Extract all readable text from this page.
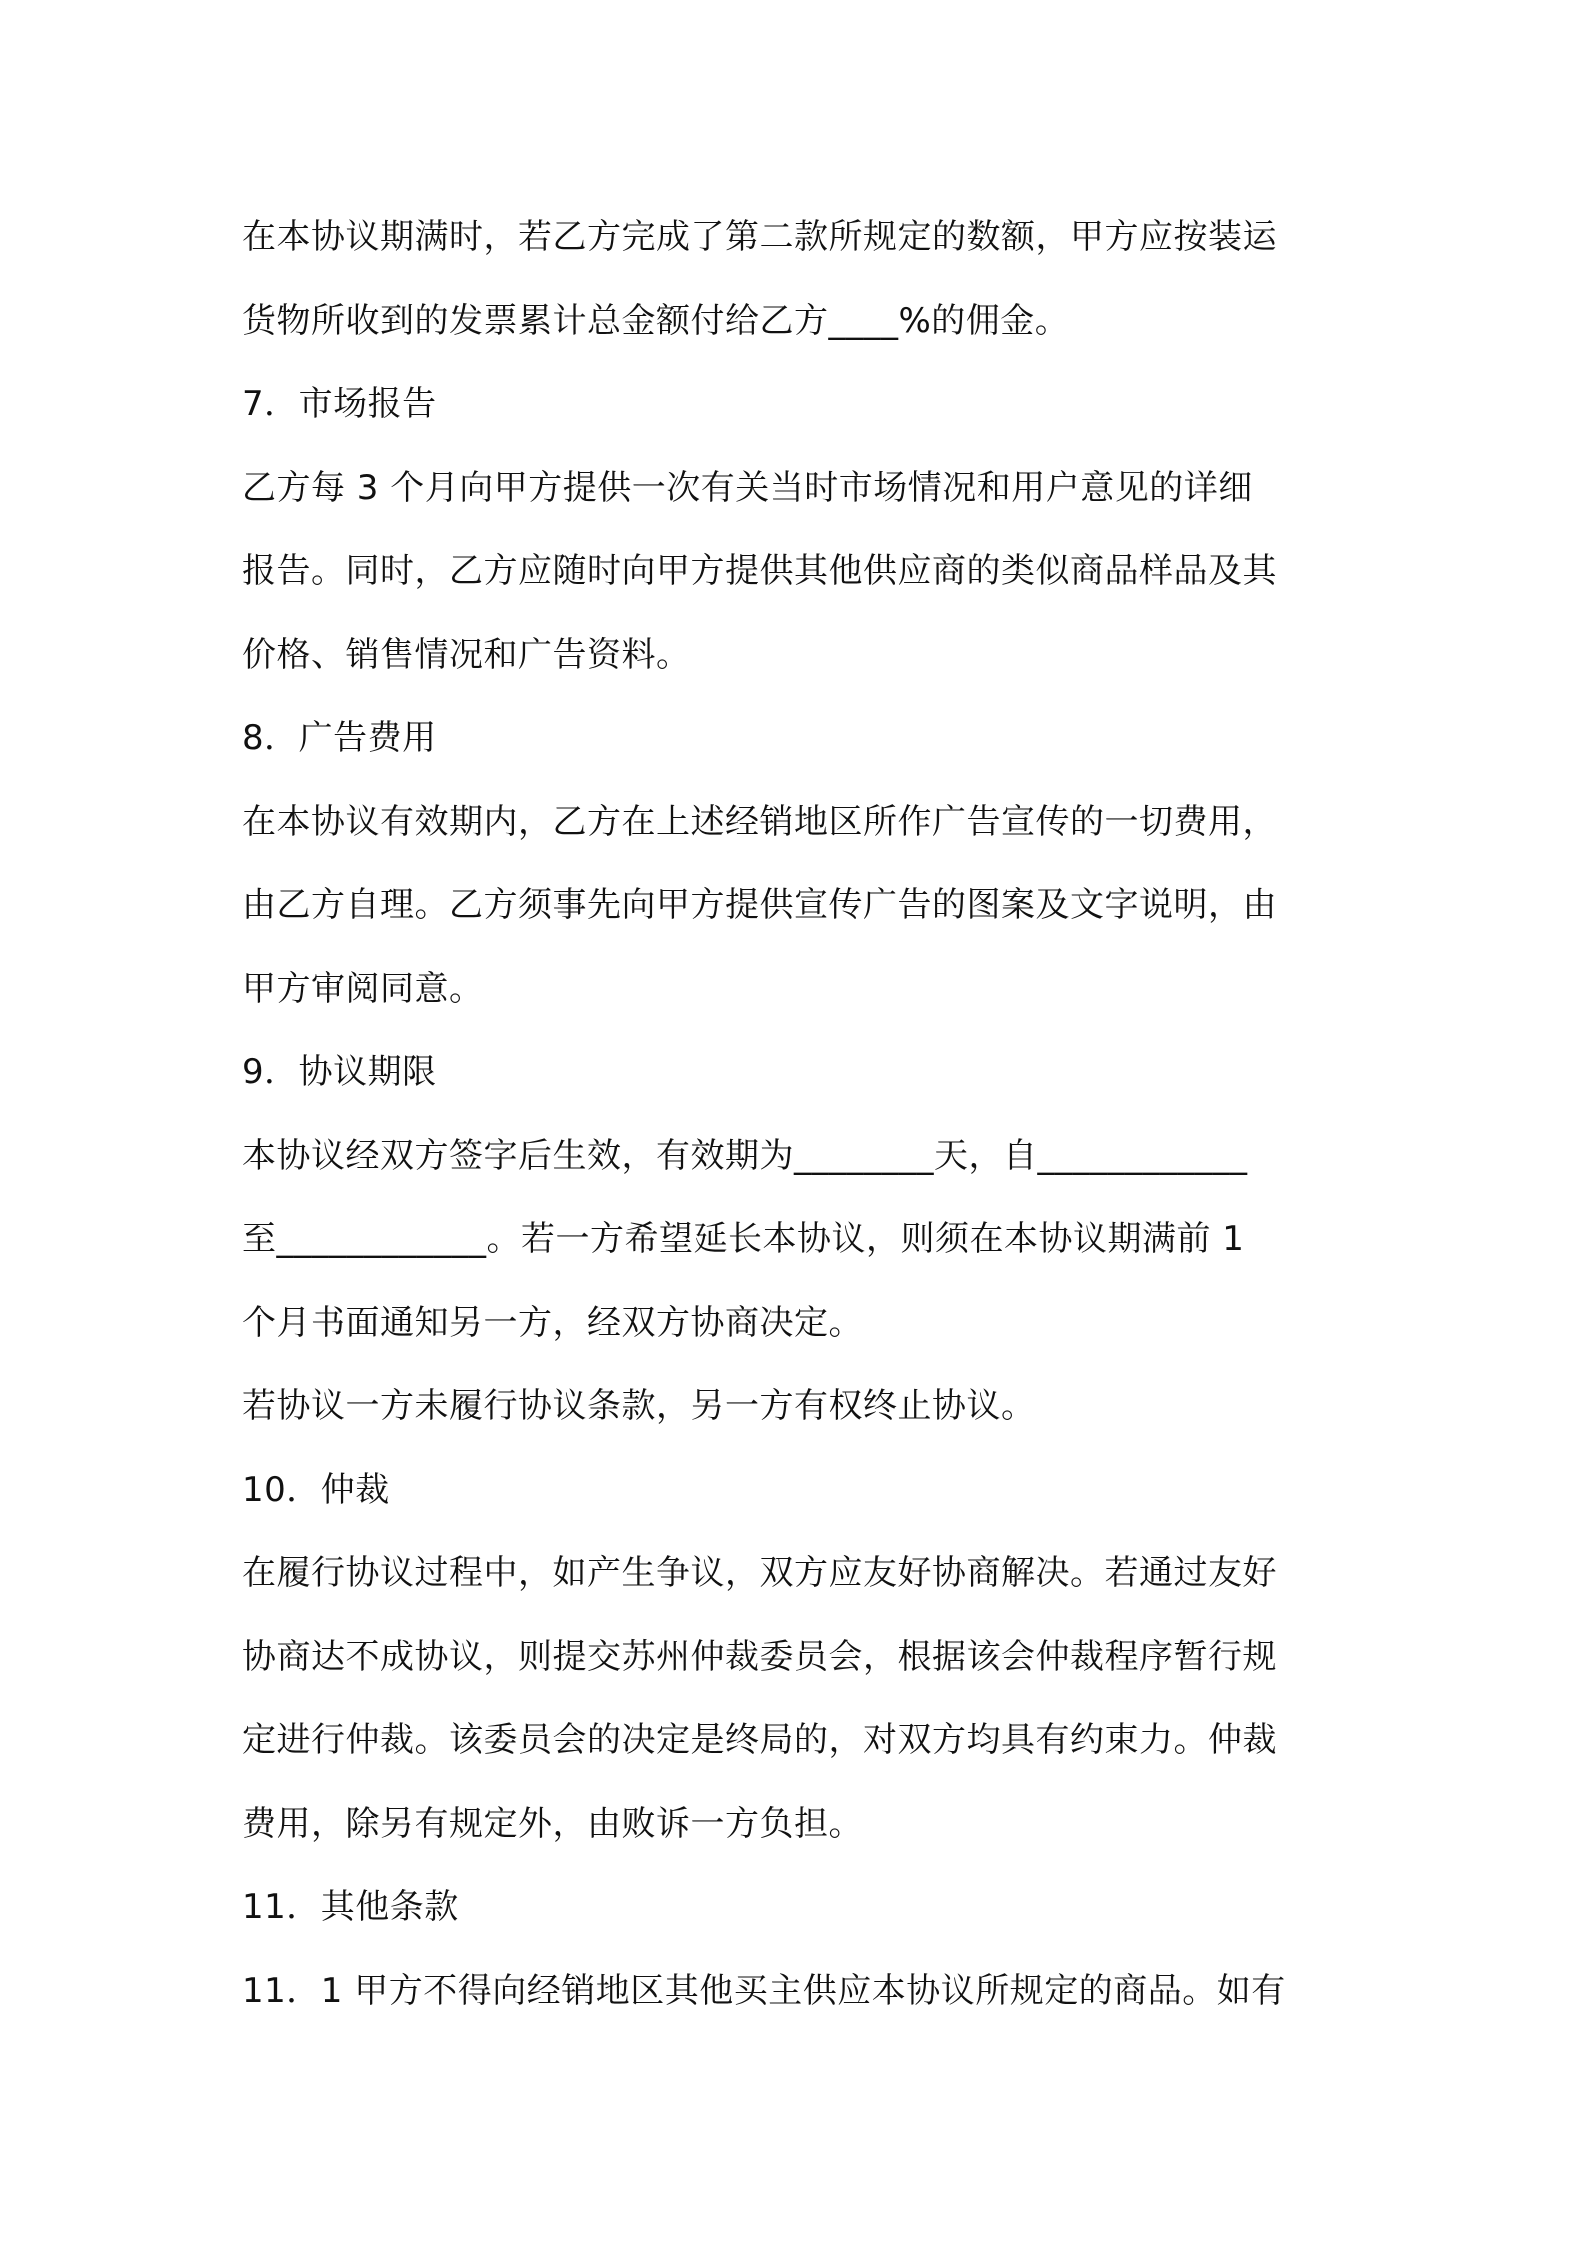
在本协议期满时，若乙方完成了第二款所规定的数额，甲方应按装运
货物所收到的发票累计总金额付给乙方____%的佣金。
7．市场报告
乙方每 3 个月向甲方提供一次有关当时市场情况和用户意见的详细
报告。同时，乙方应随时向甲方提供其他供应商的类似商品样品及其
价格、销售情况和广告资料。
8．广告费用
在本协议有效期内，乙方在上述经销地区所作广告宣传的一切费用，
由乙方自理。乙方须事先向甲方提供宣传广告的图案及文字说明，由
甲方审阅同意。
9．协议期限
本协议经双方签字后生效，有效期为________天，自____________
至____________。若一方希望延长本协议，则须在本协议期满前 1
个月书面通知另一方，经双方协商决定。
若协议一方未履行协议条款，另一方有权终止协议。
10．仲裁
在履行协议过程中，如产生争议，双方应友好协商解决。若通过友好
协商达不成协议，则提交苏州仲裁委员会，根据该会仲裁程序暂行规
定进行仲裁。该委员会的决定是终局的，对双方均具有约束力。仲裁
费用，除另有规定外，由败诉一方负担。
11．其他条款
11．1 甲方不得向经销地区其他买主供应本协议所规定的商品。如有
